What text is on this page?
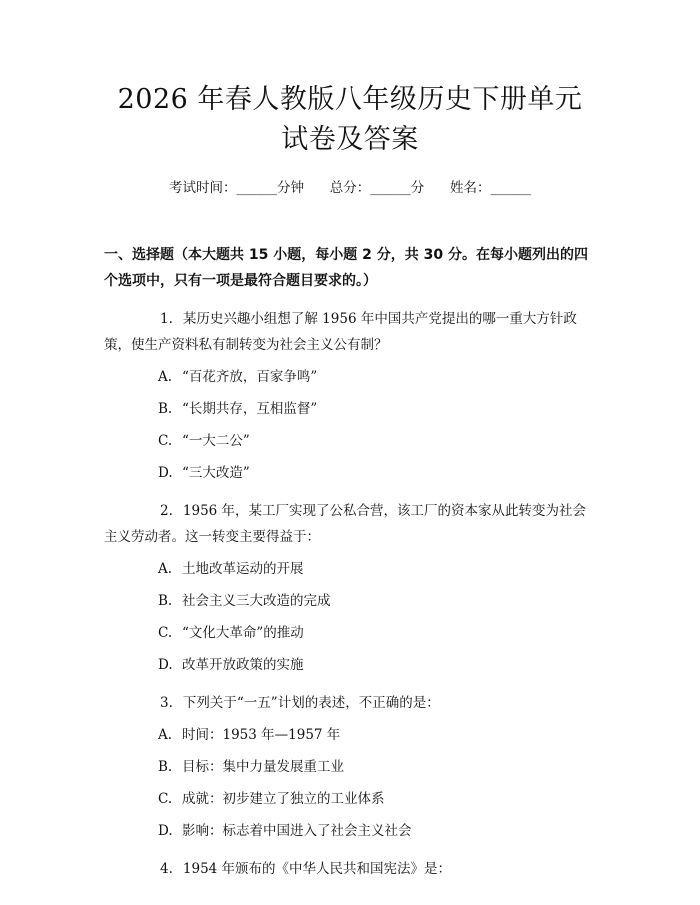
2026 年春人教版八年级历史下册单元试卷及答案
考试时间：______分钟      总分：______分      姓名：______
一、选择题（本大题共 15 小题，每小题 2 分，共 30 分。在每小题列出的四个选项中，只有一项是最符合题目要求的。）
1. 某历史兴趣小组想了解 1956 年中国共产党提出的哪一重大方针政策，使生产资料私有制转变为社会主义公有制？
A. “百花齐放，百家争鸣”
B. “长期共存，互相监督”
C. “一大二公”
D. “三大改造”
2. 1956 年，某工厂实现了公私合营，该工厂的资本家从此转变为社会主义劳动者。这一转变主要得益于：
A. 土地改革运动的开展
B. 社会主义三大改造的完成
C. “文化大革命”的推动
D. 改革开放政策的实施
3. 下列关于“一五”计划的表述，不正确的是：
A. 时间：1953 年—1957 年
B. 目标：集中力量发展重工业
C. 成就：初步建立了独立的工业体系
D. 影响：标志着中国进入了社会主义社会
4. 1954 年颁布的《中华人民共和国宪法》是：
